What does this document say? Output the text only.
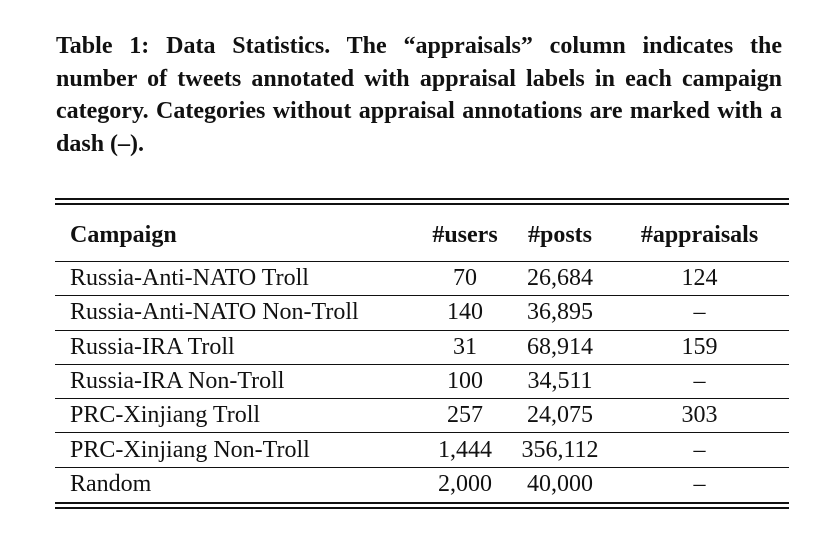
Table 1: Data Statistics. The “appraisals” column indicates the number of tweets annotated with appraisal labels in each campaign category. Categories without appraisal annotations are marked with a dash (–).

Campaign	#users	#posts	#appraisals
Russia-Anti-NATO Troll	70	26,684	124
Russia-Anti-NATO Non-Troll	140	36,895	–
Russia-IRA Troll	31	68,914	159
Russia-IRA Non-Troll	100	34,511	–
PRC-Xinjiang Troll	257	24,075	303
PRC-Xinjiang Non-Troll	1,444	356,112	–
Random	2,000	40,000	–
